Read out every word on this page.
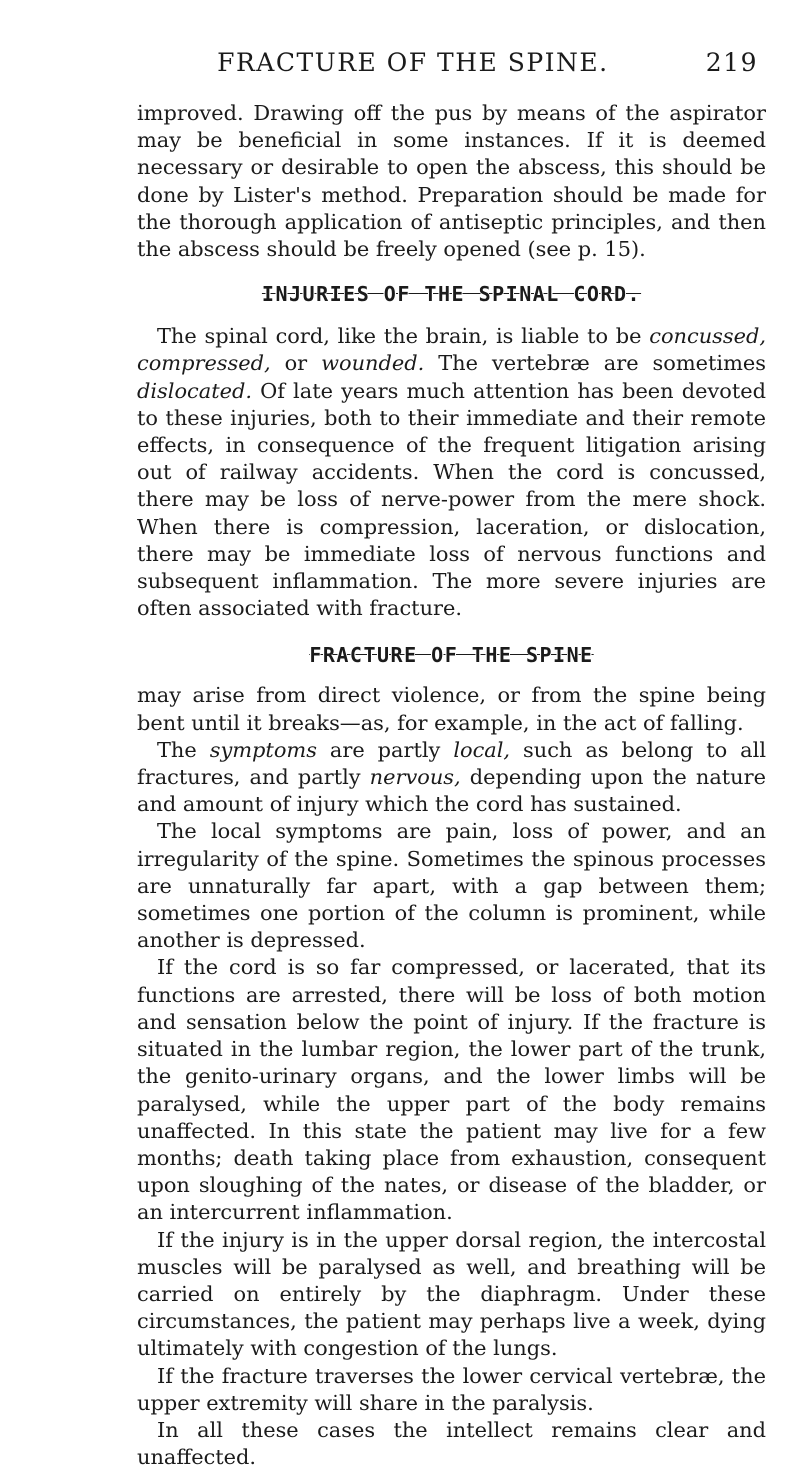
FRACTURE OF THE SPINE.	219

improved. Drawing off the pus by means of the aspirator may be beneficial in some instances. If it is deemed necessary or desirable to open the abscess, this should be done by Lister's method. Preparation should be made for the thorough application of antiseptic principles, and then the abscess should be freely opened (see p. 15).

INJURIES OF THE SPINAL CORD.

The spinal cord, like the brain, is liable to be concussed, compressed, or wounded. The vertebræ are sometimes dislocated. Of late years much attention has been devoted to these injuries, both to their immediate and their remote effects, in consequence of the frequent litigation arising out of railway accidents. When the cord is concussed, there may be loss of nerve-power from the mere shock. When there is compression, laceration, or dislocation, there may be immediate loss of nervous functions and subsequent inflammation. The more severe injuries are often associated with fracture.

FRACTURE OF THE SPINE

may arise from direct violence, or from the spine being bent until it breaks—as, for example, in the act of falling.

The symptoms are partly local, such as belong to all fractures, and partly nervous, depending upon the nature and amount of injury which the cord has sustained.

The local symptoms are pain, loss of power, and an irregularity of the spine. Sometimes the spinous processes are unnaturally far apart, with a gap between them; sometimes one portion of the column is prominent, while another is depressed.

If the cord is so far compressed, or lacerated, that its functions are arrested, there will be loss of both motion and sensation below the point of injury. If the fracture is situated in the lumbar region, the lower part of the trunk, the genito-urinary organs, and the lower limbs will be paralysed, while the upper part of the body remains unaffected. In this state the patient may live for a few months; death taking place from exhaustion, consequent upon sloughing of the nates, or disease of the bladder, or an intercurrent inflammation.

If the injury is in the upper dorsal region, the intercostal muscles will be paralysed as well, and breathing will be carried on entirely by the diaphragm. Under these circumstances, the patient may perhaps live a week, dying ultimately with congestion of the lungs.

If the fracture traverses the lower cervical vertebræ, the upper extremity will share in the paralysis.

In all these cases the intellect remains clear and unaffected.
